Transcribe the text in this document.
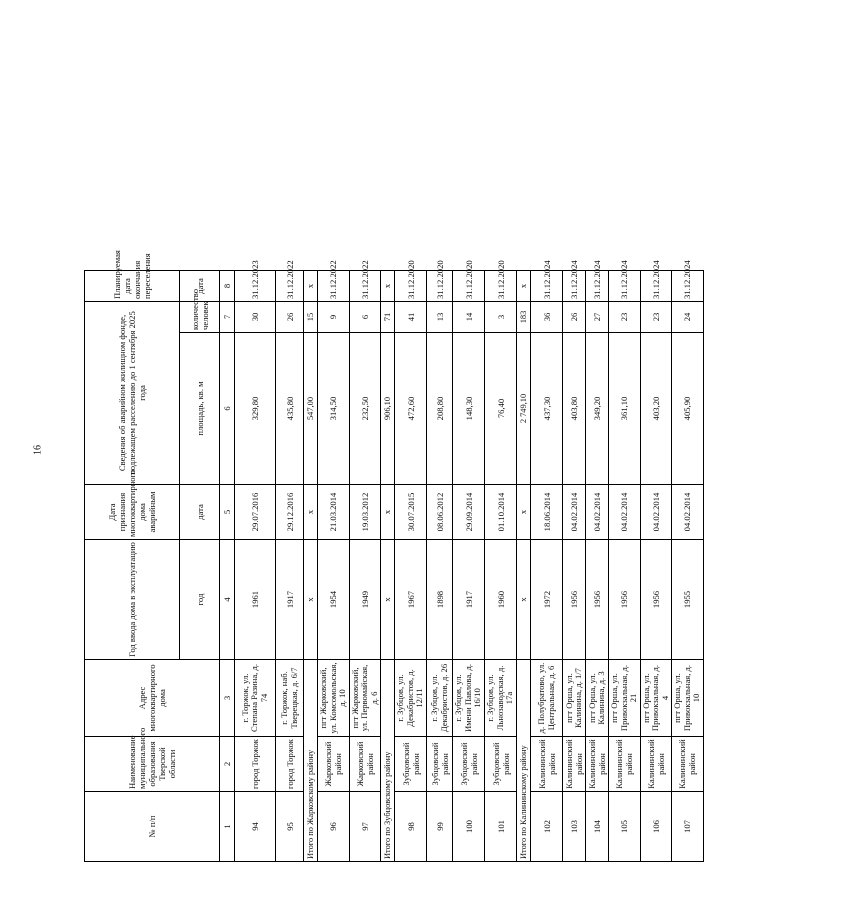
16
№ п/п	Наименование муниципального образования Тверской области	Адрес многоквартирного дома	Год ввода дома в эксплуатацию	Дата признания многоквартирного дома аварийным	Сведения об аварийном жилищном фонде, подлежащем расселению до 1 сентября 2025 года		Планируемая дата окончания переселения
			год	дата	площадь, кв. м	количество человек	дата
1	2	3	4	5	6	7	8
94	город Торжок	г. Торжок, ул. Степана Разина, д. 74	1961	29.07.2016	329,80	30	31.12.2023
95	город Торжок	г. Торжок, наб. Тверецкая, д. 6/7	1917	29.12.2016	435,80	26	31.12.2022
Итого по Жарковскому району			x	x	547,00	15	x
96	Жарковский район	пгт Жарковский, ул. Комсомольская, д. 10	1954	21.03.2014	314,50	9	31.12.2022
97	Жарковский район	пгт Жарковский, ул. Первомайская, д. 6	1949	19.03.2012	232,50	6	31.12.2022
Итого по Зубцовскому району			x	x	906,10	71	x
98	Зубцовский район	г. Зубцов, ул. Декабристов, д. 12/11	1967	30.07.2015	472,60	41	31.12.2020
99	Зубцовский район	г. Зубцов, ул. Декабристов, д. 26	1898	08.06.2012	208,80	13	31.12.2020
100	Зубцовский район	г. Зубцов, ул. Имени Павлова, д. 16/10	1917	29.09.2014	148,30	14	31.12.2020
101	Зубцовский район	г. Зубцов, ул. Льнозаводская, д. 17а	1960	01.10.2014	76,40	3	31.12.2020
Итого по Калининскому району			x	x	2 749,10	183	x
102	Калининский район	д. Полубратово, ул. Центральная, д. 6	1972	18.06.2014	437,30	36	31.12.2024
103	Калининский район	пгт Орша, ул. Калинина, д. 1/7	1956	04.02.2014	403,80	26	31.12.2024
104	Калининский район	пгт Орша, ул. Калинина, д. 3	1956	04.02.2014	349,20	27	31.12.2024
105	Калининский район	пгт Орша, ул. Привокзальная, д. 21	1956	04.02.2014	361,10	23	31.12.2024
106	Калининский район	пгт Орша, ул. Привокзальная, д. 4	1956	04.02.2014	403,20	23	31.12.2024
107	Калининский район	пгт Орша, ул. Привокзальная, д. 10	1955	04.02.2014	405,90	24	31.12.2024
